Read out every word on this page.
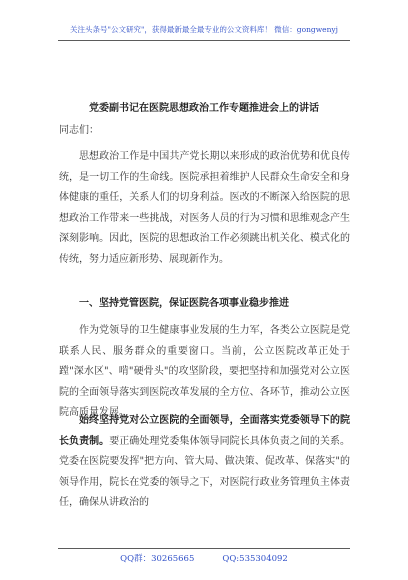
关注头条号"公文研究"，获得最新最全最专业的公文资料库！ 微信：gongwenyj
党委副书记在医院思想政治工作专题推进会上的讲话
同志们：

思想政治工作是中国共产党长期以来形成的政治优势和优良传统，是一切工作的生命线。医院承担着维护人民群众生命安全和身体健康的重任，关系人们的切身利益。医改的不断深入给医院的思想政治工作带来一些挑战，对医务人员的行为习惯和思维观念产生深刻影响。因此，医院的思想政治工作必须跳出机关化、模式化的传统，努力适应新形势、展现新作为。

一、坚持党管医院，保证医院各项事业稳步推进

作为党领导的卫生健康事业发展的生力军，各类公立医院是党联系人民、服务群众的重要窗口。当前，公立医院改革正处于蹚"深水区"、啃"硬骨头"的攻坚阶段，要把坚持和加强党对公立医院的全面领导落实到医院改革发展的全方位、各环节，推动公立医院高质量发展。

始终坚持党对公立医院的全面领导，全面落实党委领导下的院长负责制。要正确处理党委集体领导同院长具体负责之间的关系。党委在医院要发挥"把方向、管大局、做决策、促改革、保落实"的领导作用，院长在党委的领导之下，对医院行政业务管理负主体责任，确保从讲政治的

QQ群：30265665	QQ:535304092
